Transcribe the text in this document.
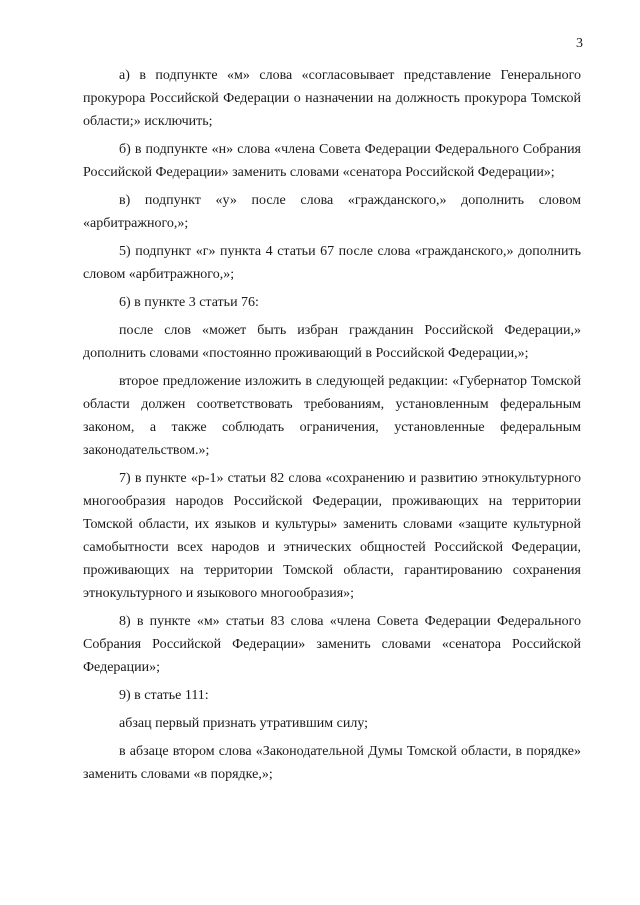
3

а) в подпункте «м» слова «согласовывает представление Генерального прокурора Российской Федерации о назначении на должность прокурора Томской области;» исключить;

б) в подпункте «н» слова «члена Совета Федерации Федерального Собрания Российской Федерации» заменить словами «сенатора Российской Федерации»;

в) подпункт «у» после слова «гражданского,» дополнить словом «арбитражного,»;

5) подпункт «г» пункта 4 статьи 67 после слова «гражданского,» дополнить словом «арбитражного,»;

6) в пункте 3 статьи 76:

после слов «может быть избран гражданин Российской Федерации,» дополнить словами «постоянно проживающий в Российской Федерации,»;

второе предложение изложить в следующей редакции: «Губернатор Томской области должен соответствовать требованиям, установленным федеральным законом, а также соблюдать ограничения, установленные федеральным законодательством.»;

7) в пункте «р-1» статьи 82 слова «сохранению и развитию этнокультурного многообразия народов Российской Федерации, проживающих на территории Томской области, их языков и культуры» заменить словами «защите культурной самобытности всех народов и этнических общностей Российской Федерации, проживающих на территории Томской области, гарантированию сохранения этнокультурного и языкового многообразия»;

8) в пункте «м» статьи 83 слова «члена Совета Федерации Федерального Собрания Российской Федерации» заменить словами «сенатора Российской Федерации»;

9) в статье 111:

абзац первый признать утратившим силу;

в абзаце втором слова «Законодательной Думы Томской области, в порядке» заменить словами «в порядке,»;
